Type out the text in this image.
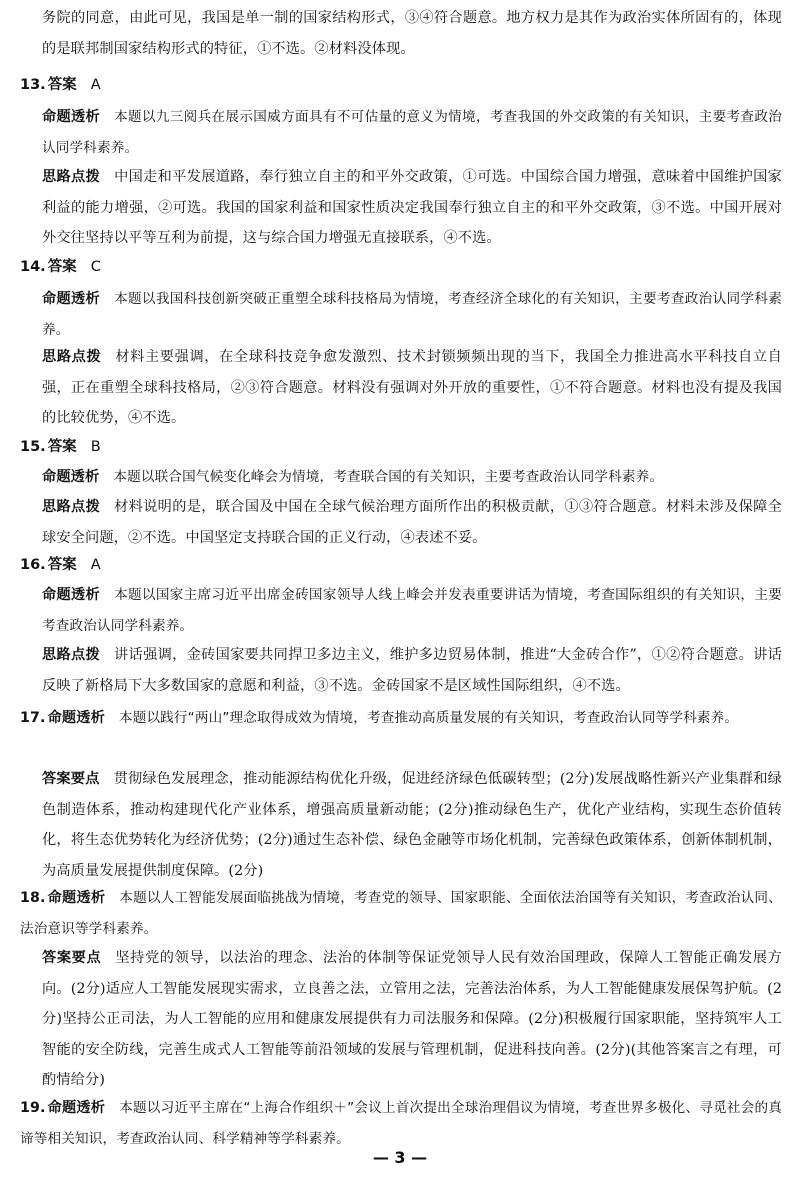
务院的同意，由此可见，我国是单一制的国家结构形式，③④符合题意。地方权力是其作为政治实体所固有的，体现的是联邦制国家结构形式的特征，①不选。②材料没体现。
13. 答案 A
命题透析 本题以九三阅兵在展示国威方面具有不可估量的意义为情境，考查我国的外交政策的有关知识，主要考查政治认同学科素养。
思路点拨 中国走和平发展道路，奉行独立自主的和平外交政策，①可选。中国综合国力增强，意味着中国维护国家利益的能力增强，②可选。我国的国家利益和国家性质决定我国奉行独立自主的和平外交政策，③不选。中国开展对外交往坚持以平等互利为前提，这与综合国力增强无直接联系，④不选。
14. 答案 C
命题透析 本题以我国科技创新突破正重塑全球科技格局为情境，考查经济全球化的有关知识，主要考查政治认同学科素养。
思路点拨 材料主要强调，在全球科技竞争愈发激烈、技术封锁频频出现的当下，我国全力推进高水平科技自立自强，正在重塑全球科技格局，②③符合题意。材料没有强调对外开放的重要性，①不符合题意。材料也没有提及我国的比较优势，④不选。
15. 答案 B
命题透析 本题以联合国气候变化峰会为情境，考查联合国的有关知识，主要考查政治认同学科素养。
思路点拨 材料说明的是，联合国及中国在全球气候治理方面所作出的积极贡献，①③符合题意。材料未涉及保障全球安全问题，②不选。中国坚定支持联合国的正义行动，④表述不妥。
16. 答案 A
命题透析 本题以国家主席习近平出席金砖国家领导人线上峰会并发表重要讲话为情境，考查国际组织的有关知识，主要考查政治认同学科素养。
思路点拨 讲话强调，金砖国家要共同捍卫多边主义，维护多边贸易体制，推进“大金砖合作”，①②符合题意。讲话反映了新格局下大多数国家的意愿和利益，③不选。金砖国家不是区域性国际组织，④不选。
17. 命题透析 本题以践行“两山”理念取得成效为情境，考查推动高质量发展的有关知识，考查政治认同等学科素养。
答案要点 贯彻绿色发展理念，推动能源结构优化升级，促进经济绿色低碳转型；(2分)发展战略性新兴产业集群和绿色制造体系，推动构建现代化产业体系，增强高质量新动能；(2分)推动绿色生产，优化产业结构，实现生态价值转化，将生态优势转化为经济优势；(2分)通过生态补偿、绿色金融等市场化机制，完善绿色政策体系，创新体制机制，为高质量发展提供制度保障。(2分)
18. 命题透析 本题以人工智能发展面临挑战为情境，考查党的领导、国家职能、全面依法治国等有关知识，考查政治认同、法治意识等学科素养。
答案要点 坚持党的领导，以法治的理念、法治的体制等保证党领导人民有效治国理政，保障人工智能正确发展方向。(2分)适应人工智能发展现实需求，立良善之法，立管用之法，完善法治体系，为人工智能健康发展保驾护航。(2分)坚持公正司法，为人工智能的应用和健康发展提供有力司法服务和保障。(2分)积极履行国家职能，坚持筑牢人工智能的安全防线，完善生成式人工智能等前沿领域的发展与管理机制，促进科技向善。(2分)(其他答案言之有理，可酌情给分)
19. 命题透析 本题以习近平主席在“上海合作组织＋”会议上首次提出全球治理倡议为情境，考查世界多极化、寻觅社会的真谛等相关知识，考查政治认同、科学精神等学科素养。
— 3 —
